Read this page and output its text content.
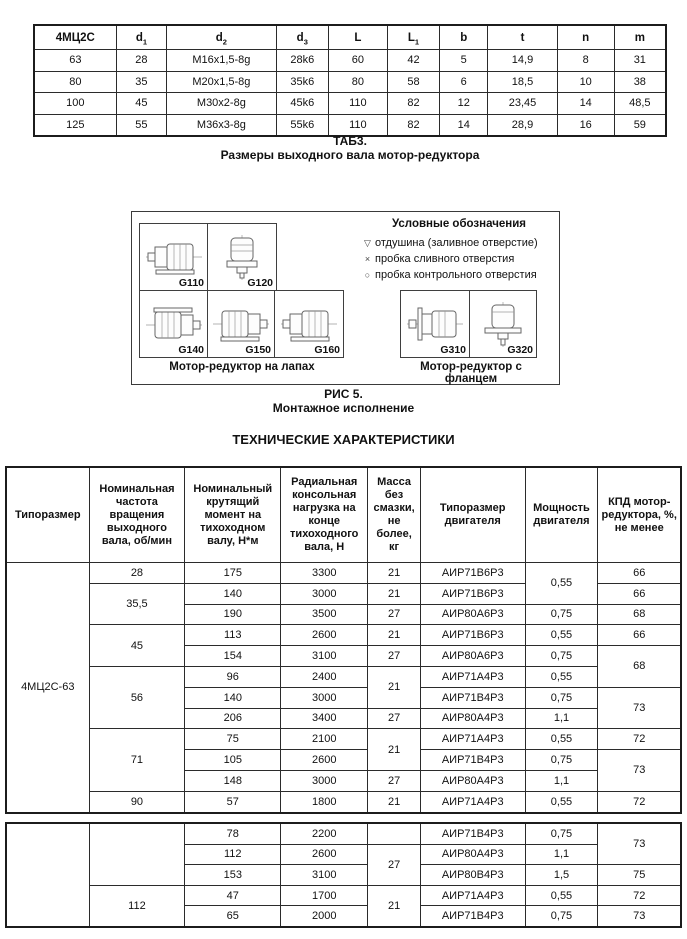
4МЦ2С	$d_1$	$d_2$	$d_3$	L	$L_1$	b	t	n	m
63	28	M16x1,5-8g	28k6	60	42	5	14,9	8	31
80	35	M20x1,5-8g	35k6	80	58	6	18,5	10	38
100	45	M30x2-8g	45k6	110	82	12	23,45	14	48,5
125	55	M36x3-8g	55k6	110	82	14	28,9	16	59
ТАБ3.
Размеры выходного вала мотор-редуктора
G110	G120
G140	G150	G160	G310	G320
Условные обозначения
▽ отдушина (заливное отверстие)
× пробка сливного отверстия
○ пробка контрольного отверстия
Мотор-редуктор на лапах	Мотор-редуктор с фланцем
РИС 5.
Монтажное исполнение
ТЕХНИЧЕСКИЕ ХАРАКТЕРИСТИКИ
Типоразмер	Номинальная частота вращения выходного вала, об/мин	Номинальный крутящий момент на тихоходном валу, Н*м	Радиальная консольная нагрузка на конце тихоходного вала, Н	Масса без смазки, не более, кг	Типоразмер двигателя	Мощность двигателя	КПД мотор-редуктора, %, не менее
4МЦ2С-63	28	175	3300	21	АИР71В6Р3	0,55	66
	35,5	140	3000	21	АИР71В6Р3		66
		190	3500	27	АИР80А6Р3	0,75	68
	45	113	2600	21	АИР71В6Р3	0,55	66
		154	3100	27	АИР80А6Р3	0,75	68
	56	96	2400	21	АИР71А4Р3	0,55	
		140	3000		АИР71В4Р3	0,75	73
		206	3400	27	АИР80А4Р3	1,1	
	71	75	2100	21	АИР71А4Р3	0,55	72
		105	2600		АИР71В4Р3	0,75	73
		148	3000	27	АИР80А4Р3	1,1	
	90	57	1800	21	АИР71А4Р3	0,55	72
		78	2200		АИР71В4Р3	0,75	73
		112	2600	27	АИР80А4Р3	1,1	
		153	3100		АИР80В4Р3	1,5	75
	112	47	1700	21	АИР71А4Р3	0,55	72
		65	2000		АИР71В4Р3	0,75	73
